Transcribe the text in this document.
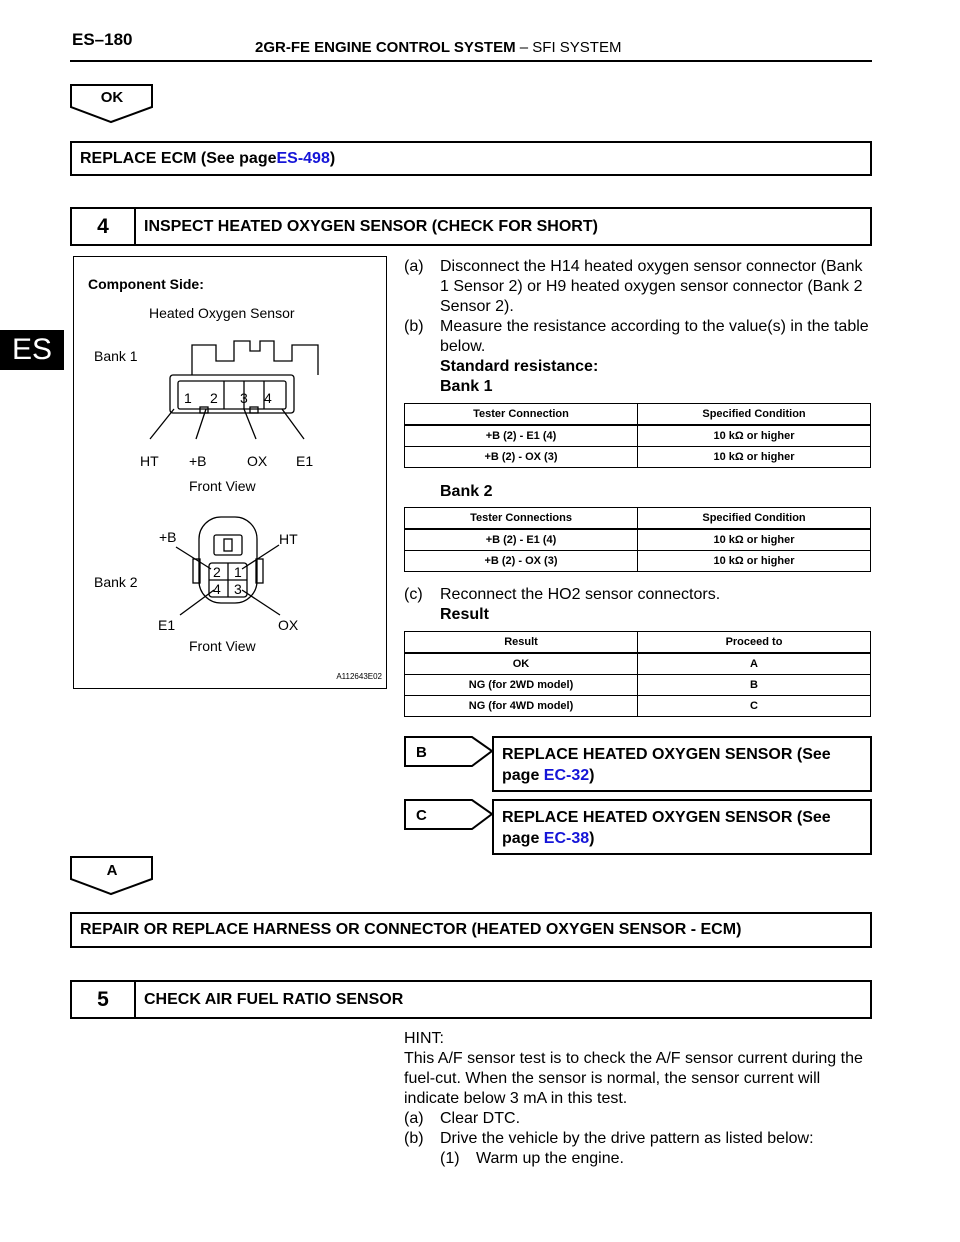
ES–180	2GR-FE ENGINE CONTROL SYSTEM – SFI SYSTEM
ES
OK
REPLACE ECM (See page ES-498 )
4	INSPECT HEATED OXYGEN SENSOR (CHECK FOR SHORT)
Component Side:
Heated Oxygen Sensor
Bank 1
1 2 3 4
HT +B	OX E1
Front View
+B	HT
Bank 2
2 1
4 3
E1	OX
Front View
A112643E02
(a) Disconnect the H14 heated oxygen sensor connector (Bank 1 Sensor 2) or H9 heated oxygen sensor connector (Bank 2 Sensor 2).
(b) Measure the resistance according to the value(s) in the table below.
Standard resistance:
Bank 1
Tester Connection	Specified Condition
+B (2) - E1 (4)	10 kΩ or higher
+B (2) - OX (3)	10 kΩ or higher
Bank 2
Tester Connections	Specified Condition
+B (2) - E1 (4)	10 kΩ or higher
+B (2) - OX (3)	10 kΩ or higher
(c) Reconnect the HO2 sensor connectors.
Result
Result	Proceed to
OK	A
NG (for 2WD model)	B
NG (for 4WD model)	C
B	REPLACE HEATED OXYGEN SENSOR (See
page EC-32)
C	REPLACE HEATED OXYGEN SENSOR (See
page EC-38)
A
REPAIR OR REPLACE HARNESS OR CONNECTOR (HEATED OXYGEN SENSOR - ECM)
5	CHECK AIR FUEL RATIO SENSOR
HINT:
This A/F sensor test is to check the A/F sensor current during the fuel-cut. When the sensor is normal, the sensor current will indicate below 3 mA in this test.
(a) Clear DTC.
(b) Drive the vehicle by the drive pattern as listed below:
(1) Warm up the engine.
